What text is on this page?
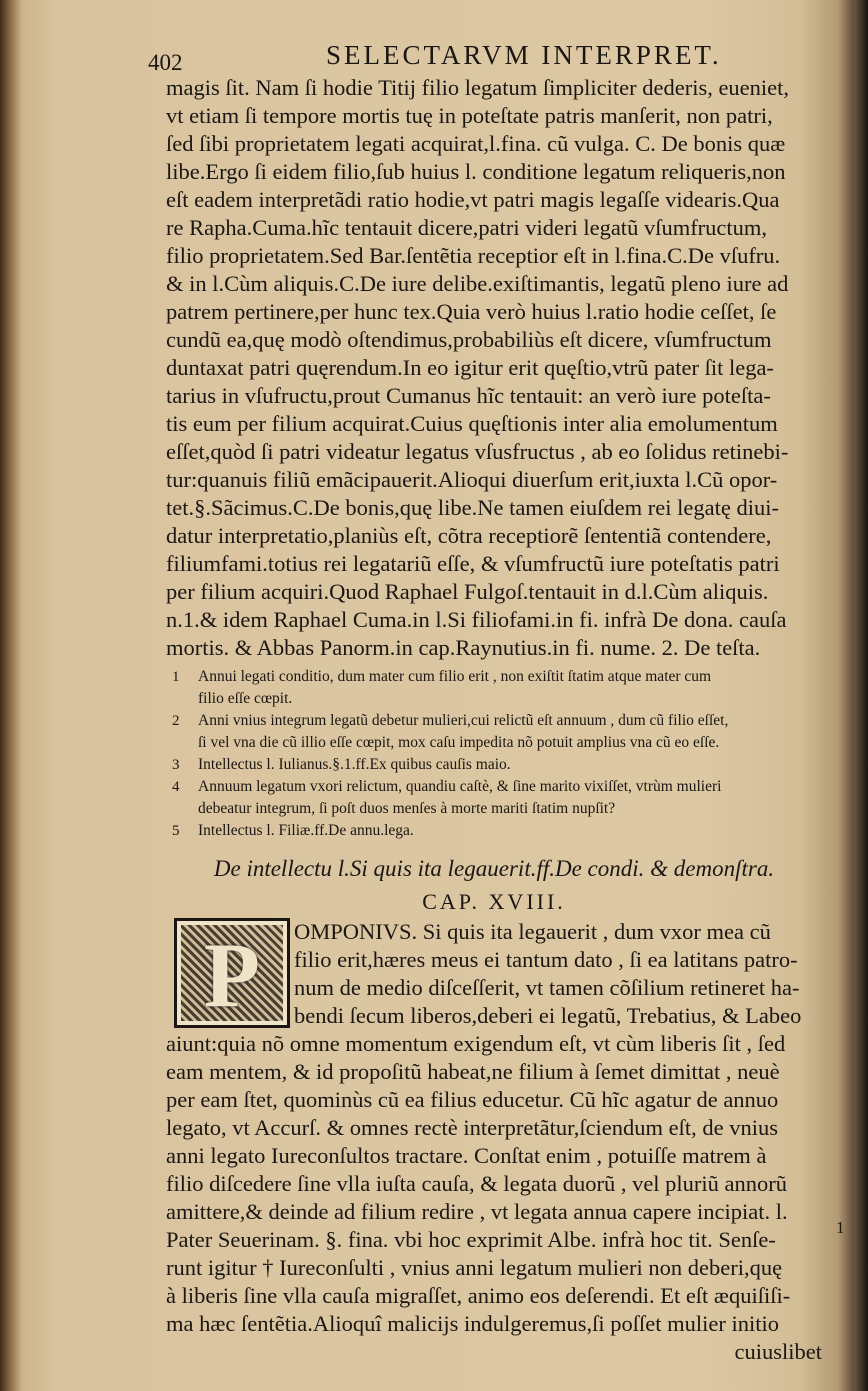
402	SELECTARVM INTERPRET.
magis ſit. Nam ſi hodie Titij filio legatum ſimpliciter dederis, eueniet,
vt etiam ſi tempore mortis tuę in poteſtate patris manſerit, non patri,
ſed ſibi proprietatem legati acquirat,l.fina. cũ vulga. C. De bonis quæ
libe.Ergo ſi eidem filio,ſub huius l. conditione legatum reliqueris,non
eſt eadem interpretãdi ratio hodie,vt patri magis legaſſe videaris.Qua
re Rapha.Cuma.hĩc tentauit dicere,patri videri legatũ vſumfructum,
filio proprietatem.Sed Bar.ſentẽtia receptior eſt in l.fina.C.De vſufru.
& in l.Cùm aliquis.C.De iure delibe.exiſtimantis, legatũ pleno iure ad
patrem pertinere,per hunc tex.Quia verò huius l.ratio hodie ceſſet, ſe
cundũ ea,quę modò oſtendimus,probabiliùs eſt dicere, vſumfructum
duntaxat patri quęrendum.In eo igitur erit quęſtio,vtrũ pater ſit lega-
tarius in vſufructu,prout Cumanus hĩc tentauit: an verò iure poteſta-
tis eum per filium acquirat.Cuius quęſtionis inter alia emolumentum
eſſet,quòd ſi patri videatur legatus vſusfructus , ab eo ſolidus retinebi-
tur:quanuis filiũ emãcipauerit.Alioqui diuerſum erit,iuxta l.Cũ opor-
tet.§.Sãcimus.C.De bonis,quę libe.Ne tamen eiuſdem rei legatę diui-
datur interpretatio,planiùs eſt, cõtra receptiorẽ ſententiã contendere,
filiumfami.totius rei legatariũ eſſe, & vſumfructũ iure poteſtatis patri
per filium acquiri.Quod Raphael Fulgoſ.tentauit in d.l.Cùm aliquis.
n.1.& idem Raphael Cuma.in l.Si filiofami.in fi. infrà De dona. cauſa
mortis. & Abbas Panorm.in cap.Raynutius.in fi. nume. 2. De teſta.
1 Annui legati conditio, dum mater cum filio erit , non exiſtit ſtatim atque mater cum
filio eſſe cœpit.
2 Anni vnius integrum legatũ debetur mulieri,cui relictũ eſt annuum , dum cũ filio eſſet,
ſi vel vna die cũ illio eſſe cœpit, mox caſu impedita nõ potuit amplius vna cũ eo eſſe.
3 Intellectus l. Iulianus.§.1.ff.Ex quibus cauſis maio.
4 Annuum legatum vxori relictum, quandiu caſtè, & ſine marito vixiſſet, vtrùm mulieri
debeatur integrum, ſi poſt duos menſes à morte mariti ſtatim nupſit?
5 Intellectus l. Filiæ.ff.De annu.lega.
De intellectu l.Si quis ita legauerit.ff.De condi. & demonſtra.
CAP. XVIII.
P	OMPONIVS. Si quis ita legauerit , dum vxor mea cũ
filio erit,hæres meus ei tantum dato , ſi ea latitans patro-
num de medio diſceſſerit, vt tamen cõſilium retineret ha-
bendi ſecum liberos,deberi ei legatũ, Trebatius, & Labeo
aiunt:quia nõ omne momentum exigendum eſt, vt cùm liberis ſit , ſed
eam mentem, & id propoſitũ habeat,ne filium à ſemet dimittat , neuè
per eam ſtet, quominùs cũ ea filius educetur. Cũ hĩc agatur de annuo
legato, vt Accurſ. & omnes rectè interpretãtur,ſciendum eſt, de vnius
anni legato Iureconſultos tractare. Conſtat enim , potuiſſe matrem à
filio diſcedere ſine vlla iuſta cauſa, & legata duorũ , vel pluriũ annorũ
amittere,& deinde ad filium redire , vt legata annua capere incipiat. l.
Pater Seuerinam. §. fina. vbi hoc exprimit Albe. infrà hoc tit. Senſe-
runt igitur † Iureconſulti , vnius anni legatum mulieri non deberi,quę
à liberis ſine vlla cauſa migraſſet, animo eos deſerendi. Et eſt æquiſiſi-
ma hæc ſentẽtia.Alioquî malicijs indulgeremus,ſi poſſet mulier initio
cuiuslibet
1
